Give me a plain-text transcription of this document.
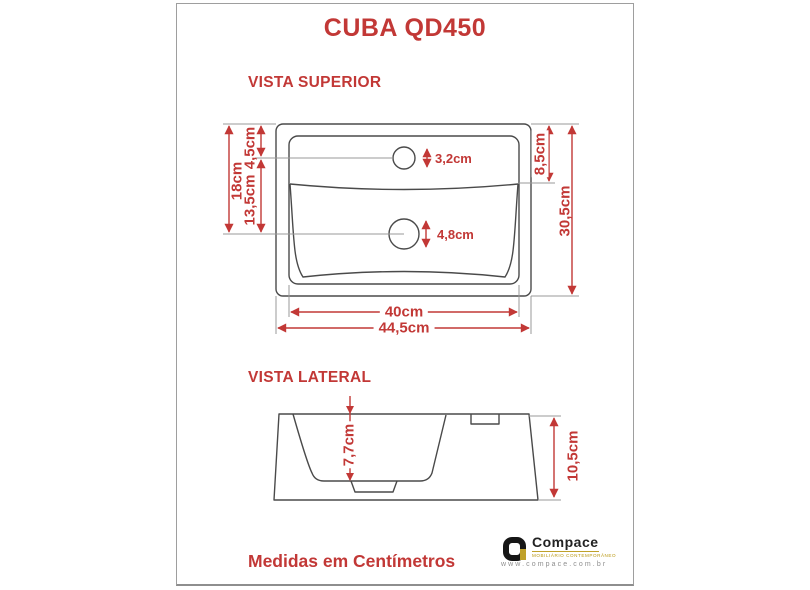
CUBA QD450
VISTA SUPERIOR
VISTA LATERAL
18cm
4,5cm
13,5cm
3,2cm
4,8cm
8,5cm
30,5cm
40cm
44,5cm
7,7cm	10,5cm
Medidas em Centímetros
Compace
MOBILIÁRIO CONTEMPORÂNEO
www.compace.com.br
